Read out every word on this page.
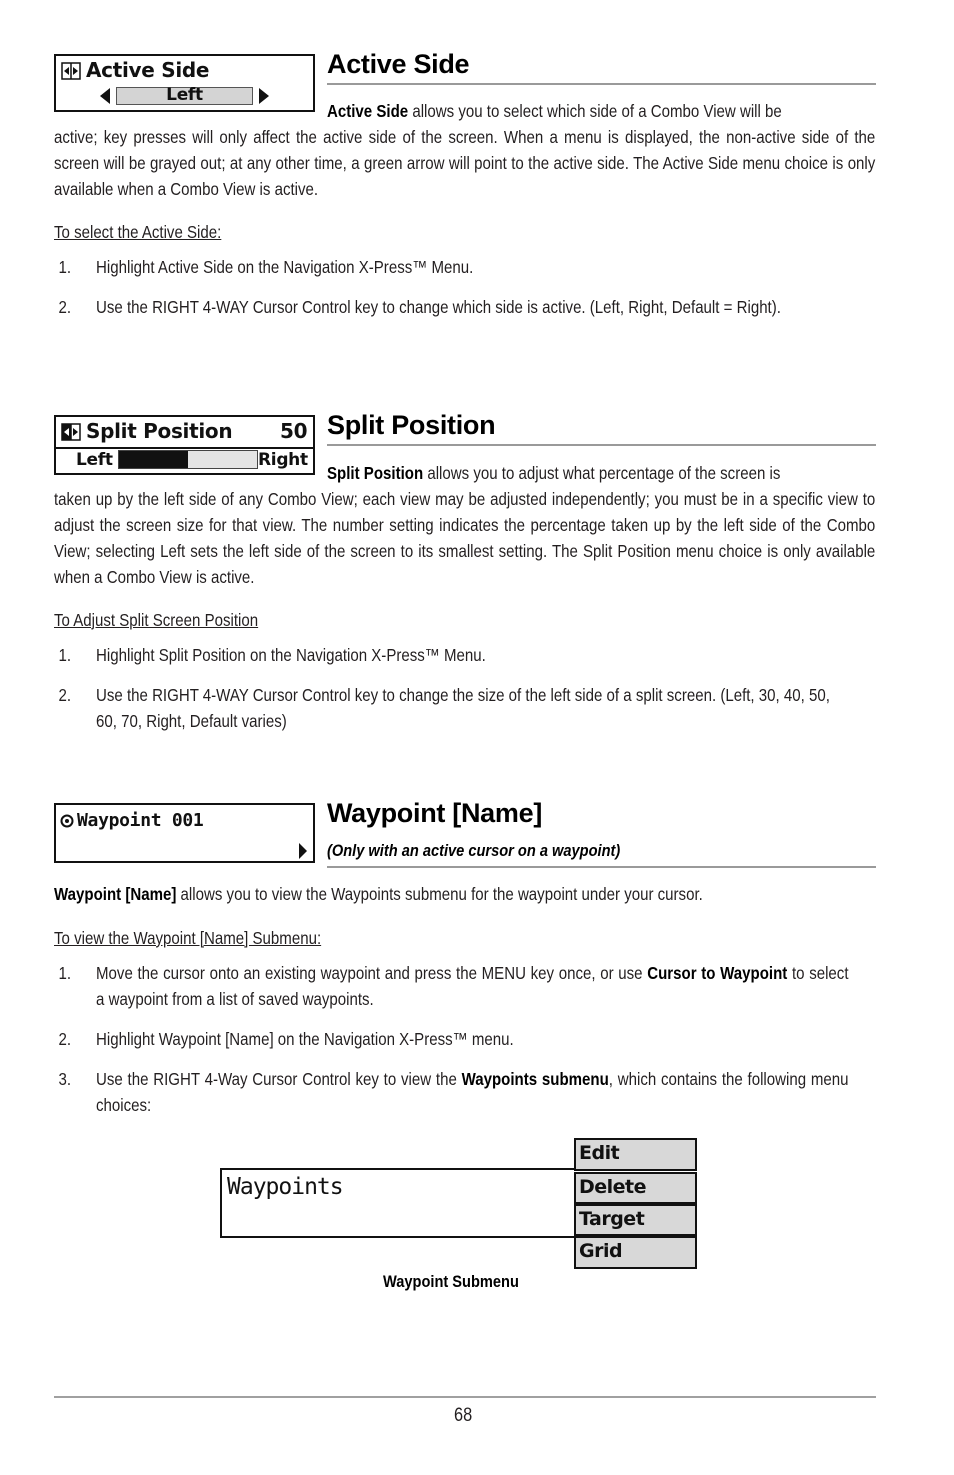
Active Side
Left
Active Side
Active Side allows you to select which side of a Combo View will be
active; key presses will only affect the active side of the screen. When a menu is displayed, the non-active side of the screen will be grayed out; at any other time, a green arrow will point to the active side. The Active Side menu choice is only available when a Combo View is active.
To select the Active Side:
1. Highlight Active Side on the Navigation X-Press™ Menu.
2. Use the RIGHT 4-WAY Cursor Control key to change which side is active. (Left, Right, Default = Right).
Split Position 50
Left	Right
Split Position
Split Position allows you to adjust what percentage of the screen is
taken up by the left side of any Combo View; each view may be adjusted independently; you must be in a specific view to adjust the screen size for that view. The number setting indicates the percentage taken up by the left side of the Combo View; selecting Left sets the left side of the screen to its smallest setting. The Split Position menu choice is only available when a Combo View is active.
To Adjust Split Screen Position
1. Highlight Split Position on the Navigation X-Press™ Menu.
2. Use the RIGHT 4-WAY Cursor Control key to change the size of the left side of a split screen. (Left, 30, 40, 50, 60, 70, Right, Default varies)
Waypoint 001	Waypoint [Name]
(Only with an active cursor on a waypoint)
Waypoint [Name] allows you to view the Waypoints submenu for the waypoint under your cursor.
To view the Waypoint [Name] Submenu:
1. Move the cursor onto an existing waypoint and press the MENU key once, or use Cursor to Waypoint to select a waypoint from a list of saved waypoints.
2. Highlight Waypoint [Name] on the Navigation X-Press™ menu.
3. Use the RIGHT 4-Way Cursor Control key to view the Waypoints submenu, which contains the following menu choices:
Waypoints
Edit
Delete
Target
Grid
Waypoint Submenu
68
